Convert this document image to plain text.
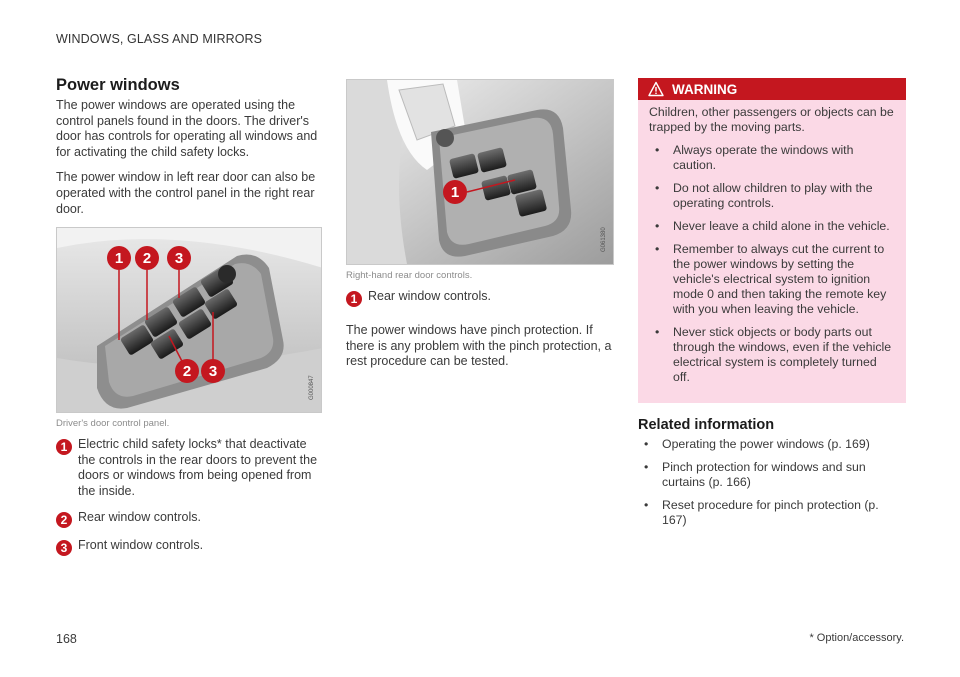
WINDOWS, GLASS AND MIRRORS
Power windows

The power windows are operated using the control panels found in the doors. The driver's door has controls for operating all windows and for activating the child safety locks.

The power window in left rear door can also be operated with the control panel in the right rear door.

1 2 3
2 3
G000847
Driver's door control panel.
1 Electric child safety locks* that deactivate the controls in the rear doors to prevent the doors or windows from being opened from the inside.
2 Rear window controls.
3 Front window controls.
1
G061380
Right-hand rear door controls.
1 Rear window controls.

The power windows have pinch protection. If there is any problem with the pinch protection, a rest procedure can be tested.

WARNING

Children, other passengers or objects can be trapped by the moving parts.

• Always operate the windows with caution.
• Do not allow children to play with the operating controls.
• Never leave a child alone in the vehicle.
• Remember to always cut the current to the power windows by setting the vehicle's electrical system to ignition mode 0 and then taking the remote key with you when leaving the vehicle.
• Never stick objects or body parts out through the windows, even if the vehicle electrical system is completely turned off.
Related information
• Operating the power windows (p. 169)
• Pinch protection for windows and sun curtains (p. 166)
• Reset procedure for pinch protection (p. 167)
168	* Option/accessory.
